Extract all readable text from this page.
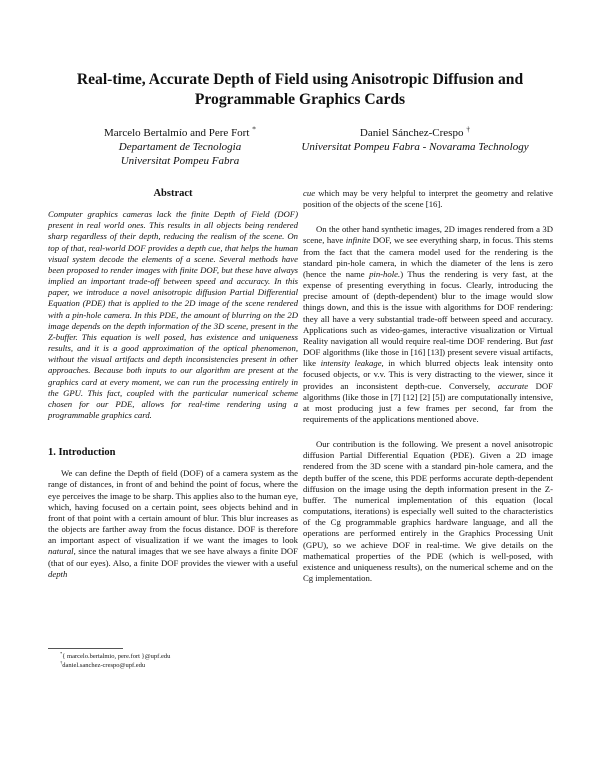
Real-time, Accurate Depth of Field using Anisotropic Diffusion and
Programmable Graphics Cards
Marcelo Bertalmío and Pere Fort *
Departament de Tecnologia
Universitat Pompeu Fabra
Daniel Sánchez-Crespo †
Universitat Pompeu Fabra - Novarama Technology
Abstract

Computer graphics cameras lack the finite Depth of Field (DOF) present in real world ones. This results in all objects being rendered sharp regardless of their depth, reducing the realism of the scene. On top of that, real-world DOF provides a depth cue, that helps the human visual system decode the elements of a scene. Several methods have been proposed to render images with finite DOF, but these have always implied an important trade-off between speed and accuracy. In this paper, we introduce a novel anisotropic diffusion Partial Differential Equation (PDE) that is applied to the 2D image of the scene rendered with a pin-hole camera. In this PDE, the amount of blurring on the 2D image depends on the depth information of the 3D scene, present in the Z-buffer. This equation is well posed, has existence and uniqueness results, and it is a good approximation of the optical phenomenon, without the visual artifacts and depth inconsistencies present in other approaches. Because both inputs to our algorithm are present at the graphics card at every moment, we can run the processing entirely in the GPU. This fact, coupled with the particular numerical scheme chosen for our PDE, allows for real-time rendering using a programmable graphics card.

1. Introduction

We can define the Depth of field (DOF) of a camera system as the range of distances, in front of and behind the point of focus, where the eye perceives the image to be sharp. This applies also to the human eye, which, having focused on a certain point, sees objects behind and in front of that point with a certain amount of blur. This blur increases as the objects are farther away from the focus distance. DOF is therefore an important aspect of visualization if we want the images to look natural, since the natural images that we see have always a finite DOF (that of our eyes). Also, a finite DOF provides the viewer with a useful depth

cue which may be very helpful to interpret the geometry and relative position of the objects of the scene [16].

On the other hand synthetic images, 2D images rendered from a 3D scene, have infinite DOF, we see everything sharp, in focus. This stems from the fact that the camera model used for the rendering is the standard pin-hole camera, in which the diameter of the lens is zero (hence the name pin-hole.) Thus the rendering is very fast, at the expense of presenting everything in focus. Clearly, introducing the precise amount of (depth-dependent) blur to the image would slow things down, and this is the issue with algorithms for DOF rendering: they all have a very substantial trade-off between speed and accuracy. Applications such as video-games, interactive visualization or Virtual Reality navigation all would require real-time DOF rendering. But fast DOF algorithms (like those in [16] [13]) present severe visual artifacts, like intensity leakage, in which blurred objects leak intensity onto focused objects, or v.v. This is very distracting to the viewer, since it provides an inconsistent depth-cue. Conversely, accurate DOF algorithms (like those in [7] [12] [2] [5]) are computationally intensive, at most producing just a few frames per second, far from the requirements of the applications mentioned above.

Our contribution is the following. We present a novel anisotropic diffusion Partial Differential Equation (PDE). Given a 2D image rendered from the 3D scene with a standard pin-hole camera, and the depth buffer of the scene, this PDE performs accurate depth-dependent diffusion on the image using the depth information present in the Z-buffer. The numerical implementation of this equation (local computations, iterations) is especially well suited to the characteristics of the Cg programmable graphics hardware language, and all the operations are performed entirely in the Graphics Processing Unit (GPU), so we achieve DOF in real-time. We give details on the mathematical properties of the PDE (which is well-posed, with existence and uniqueness results), on the numerical scheme and on the Cg implementation.

*{ marcelo.bertalmio, pere.fort }@upf.edu
†daniel.sanchez-crespo@upf.edu
